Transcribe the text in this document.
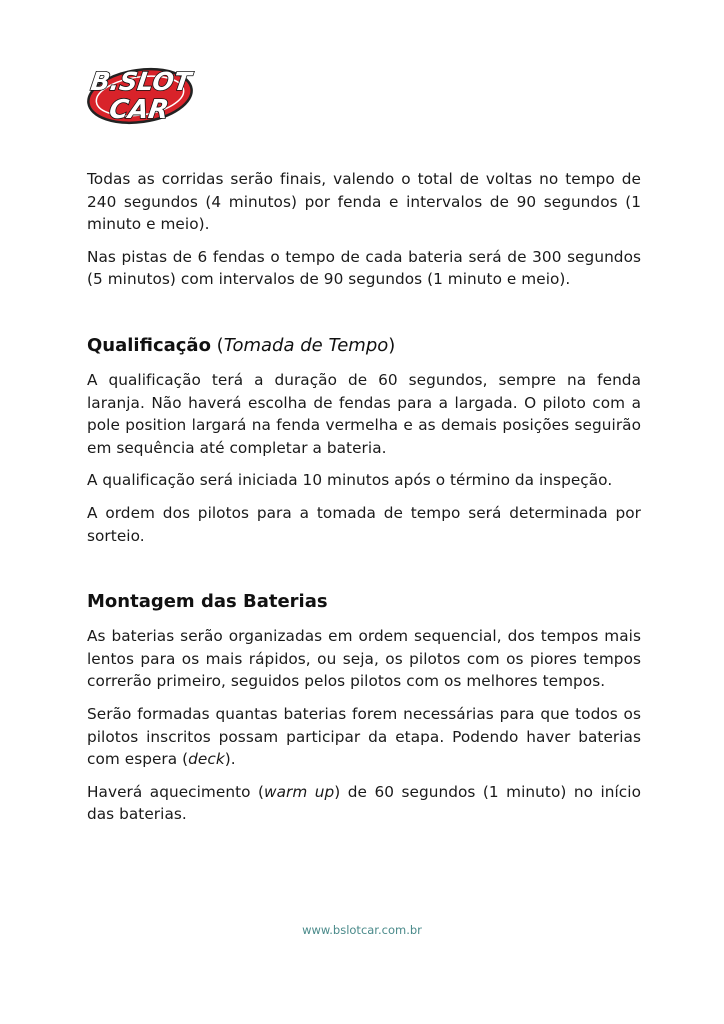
B.SLOT
CAR

Todas as corridas serão finais, valendo o total de voltas no tempo de 240 segundos (4 minutos) por fenda e intervalos de 90 segundos (1 minuto e meio).

Nas pistas de 6 fendas o tempo de cada bateria será de 300 segundos (5 minutos) com intervalos de 90 segundos (1 minuto e meio).

Qualificação (Tomada de Tempo)

A qualificação terá a duração de 60 segundos, sempre na fenda laranja. Não haverá escolha de fendas para a largada. O piloto com a pole position largará na fenda vermelha e as demais posições seguirão em sequência até completar a bateria.

A qualificação será iniciada 10 minutos após o término da inspeção.

A ordem dos pilotos para a tomada de tempo será determinada por sorteio.

Montagem das Baterias

As baterias serão organizadas em ordem sequencial, dos tempos mais lentos para os mais rápidos, ou seja, os pilotos com os piores tempos correrão primeiro, seguidos pelos pilotos com os melhores tempos.

Serão formadas quantas baterias forem necessárias para que todos os pilotos inscritos possam participar da etapa. Podendo haver baterias com espera (deck).

Haverá aquecimento (warm up) de 60 segundos (1 minuto) no início das baterias.

www.bslotcar.com.br
